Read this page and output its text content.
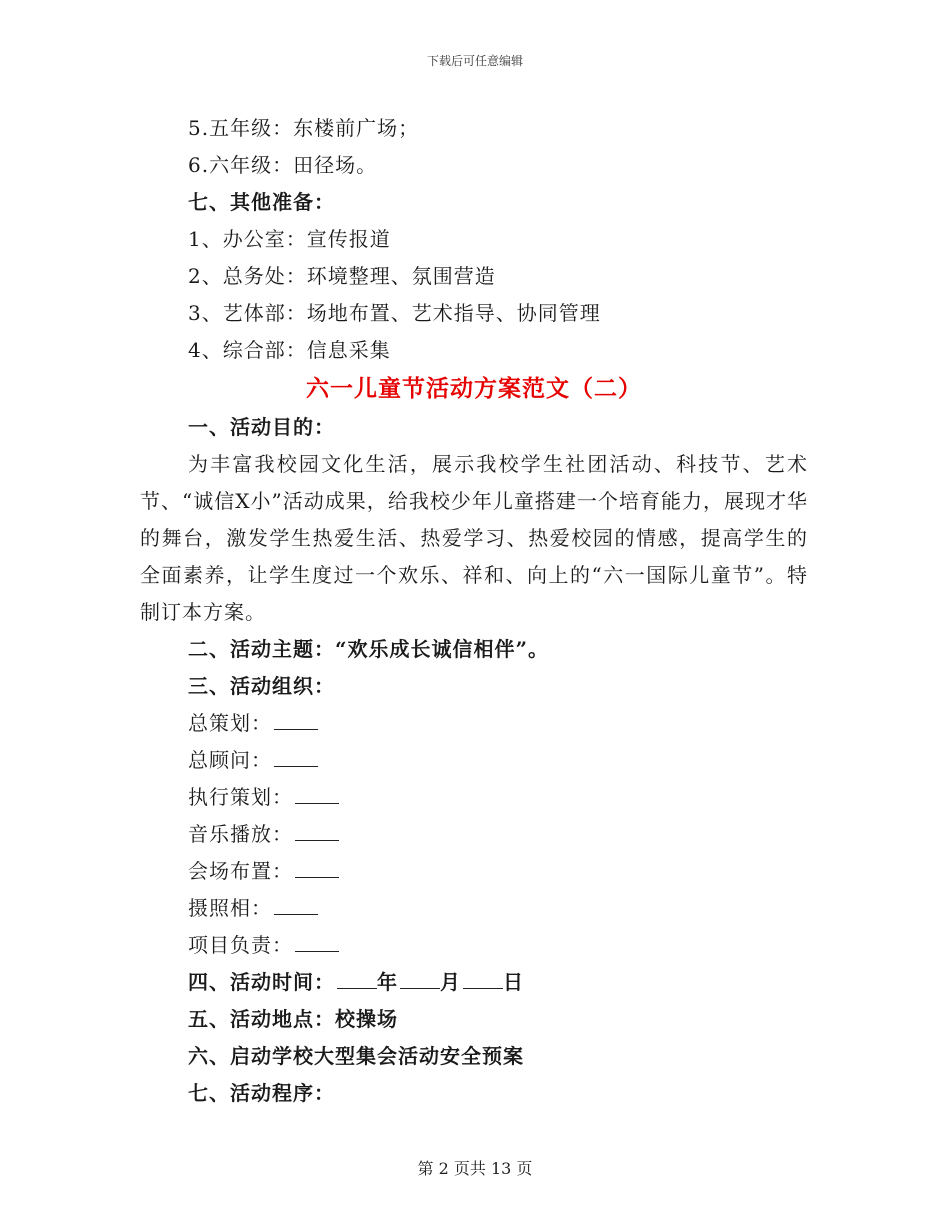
下载后可任意编辑
5.五年级：东楼前广场；
6.六年级：田径场。
七、其他准备：
1、办公室：宣传报道
2、总务处：环境整理、氛围营造
3、艺体部：场地布置、艺术指导、协同管理
4、综合部：信息采集
六一儿童节活动方案范文（二）
一、活动目的：
为丰富我校园文化生活，展示我校学生社团活动、科技节、艺术节、“诚信X小”活动成果，给我校少年儿童搭建一个培育能力，展现才华的舞台，激发学生热爱生活、热爱学习、热爱校园的情感，提高学生的全面素养，让学生度过一个欢乐、祥和、向上的“六一国际儿童节”。特制订本方案。
二、活动主题：“欢乐成长诚信相伴”。
三、活动组织：
总策划：
总顾问：
执行策划：
音乐播放：
会场布置：
摄照相：
项目负责：
四、活动时间： 年 月 日
五、活动地点：校操场
六、启动学校大型集会活动安全预案
七、活动程序：
第 2 页共 13 页
